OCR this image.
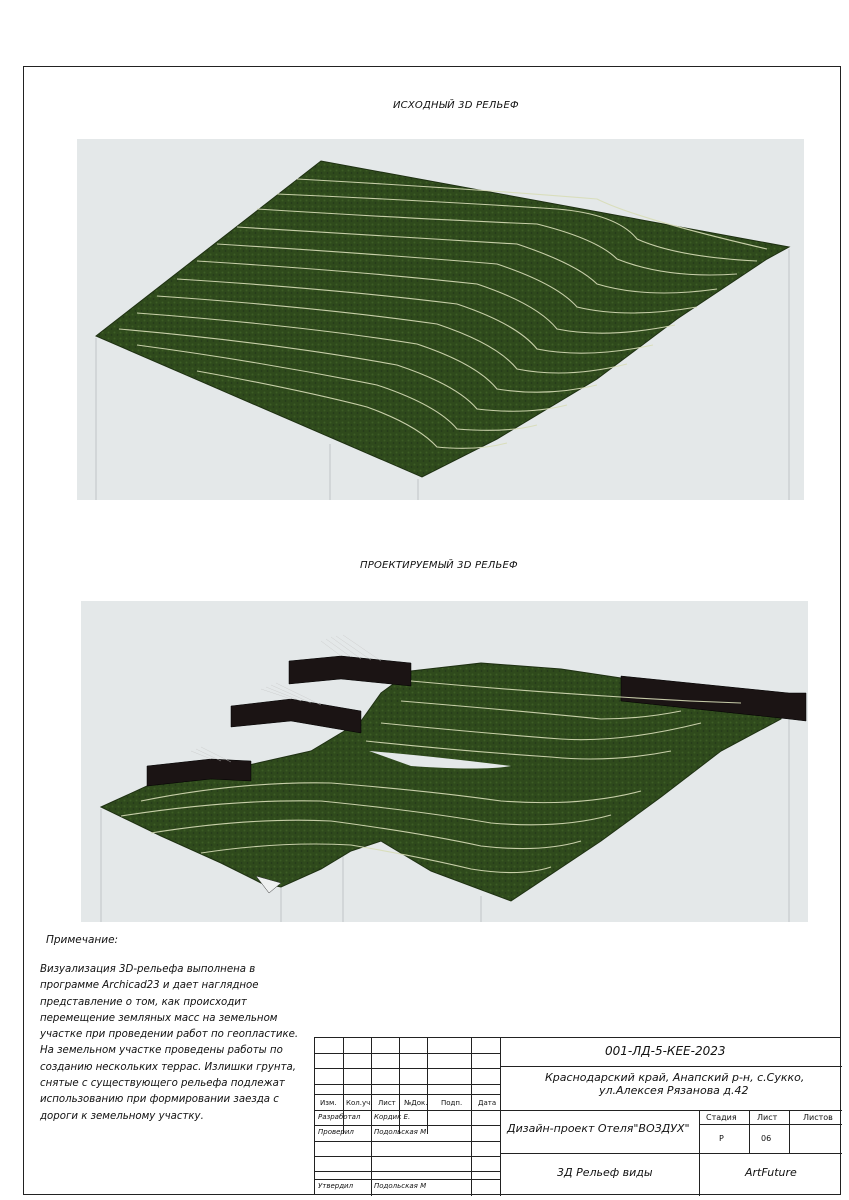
ИСХОДНЫЙ 3D РЕЛЬЕФ
ПРОЕКТИРУЕМЫЙ 3D РЕЛЬЕФ
Примечание:
Визуализация 3D-рельефа выполнена в программе Archicad23 и дает наглядное представление о том, как происходит перемещение земляных масс на земельном участке при проведении работ по геопластике. На земельном участке проведены работы по созданию нескольких террас. Излишки грунта, снятые с существующего рельефа подлежат использованию при формировании заезда с дороги к земельному участку.
Изм. Кол.уч. Лист №Док. Подп. Дата
Разработал Кордик Е.
Проверил	Подольская М
Утвердил	Подольская М
001-ЛД-5-КЕЕ-2023
Краснодарский край, Анапский р-н, с.Сукко,
ул.Алексея Рязанова д.42
Дизайн-проект Отеля"ВОЗДУХ"
Стадия	Лист	Листов
Р	06
3Д Рельеф виды	ArtFuture
